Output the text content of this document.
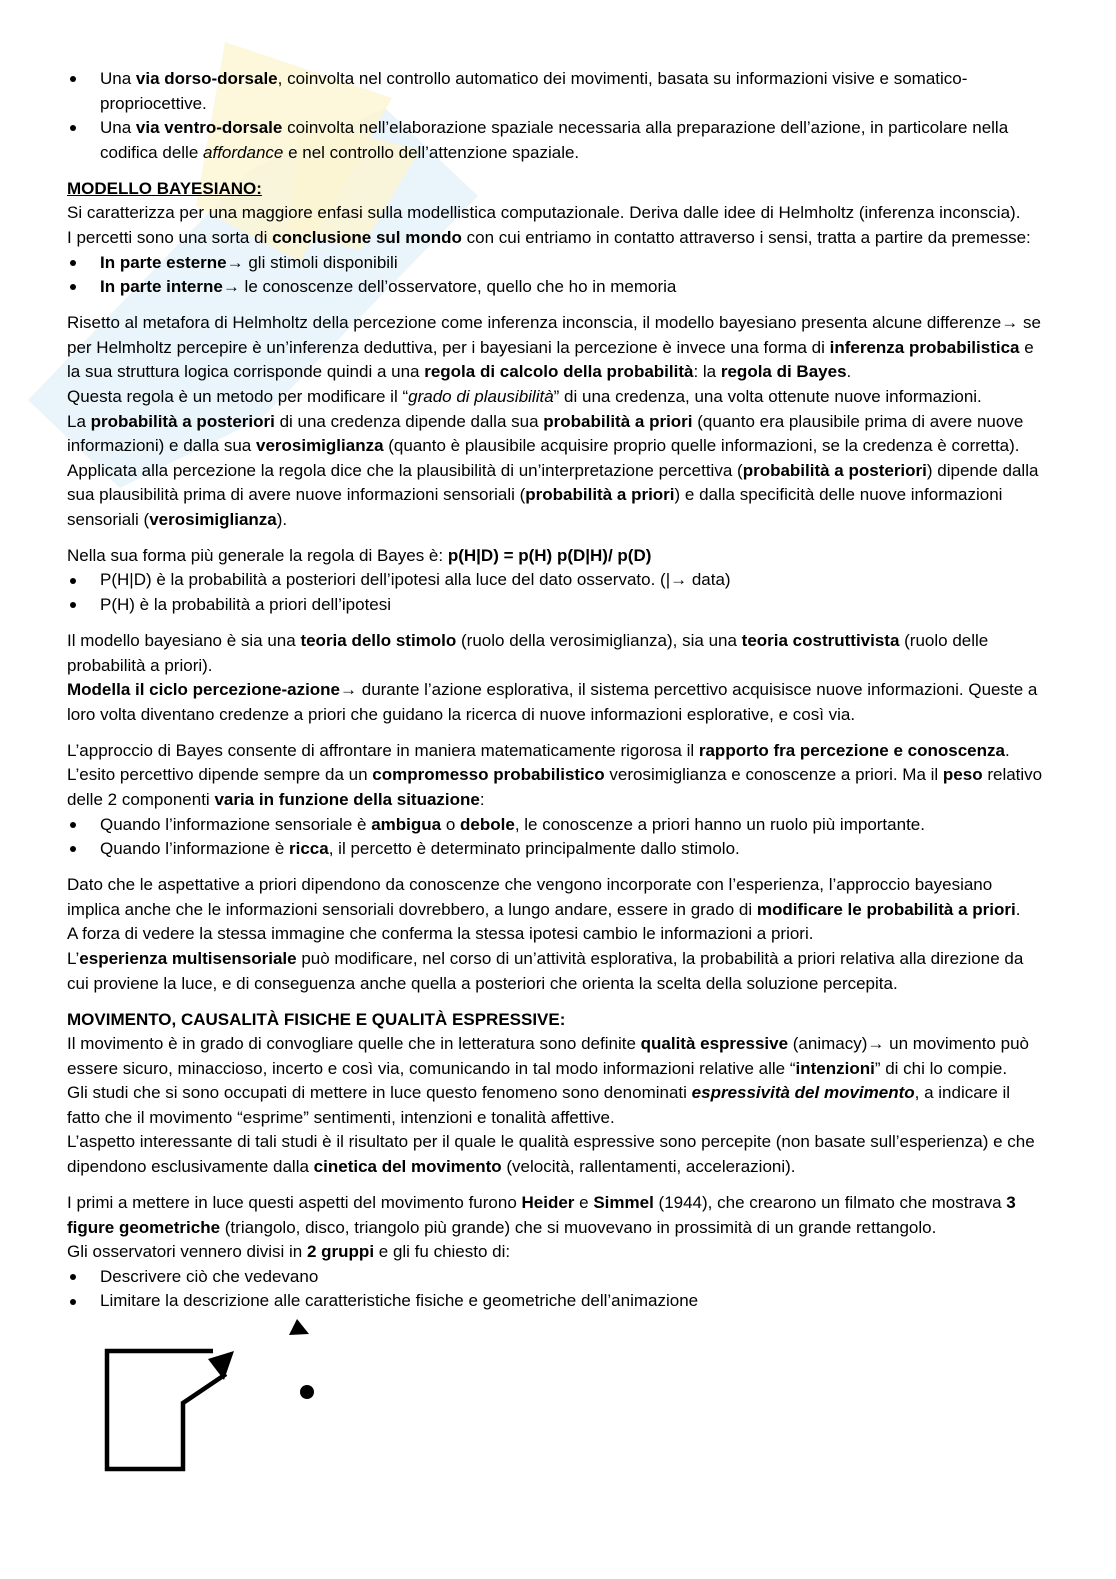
Una via dorso-dorsale, coinvolta nel controllo automatico dei movimenti, basata su informazioni visive e somatico-propriocettive.

Una via ventro-dorsale coinvolta nell’elaborazione spaziale necessaria alla preparazione dell’azione, in particolare nella codifica delle affordance e nel controllo dell’attenzione spaziale.

MODELLO BAYESIANO:

Si caratterizza per una maggiore enfasi sulla modellistica computazionale. Deriva dalle idee di Helmholtz (inferenza inconscia).

I percetti sono una sorta di conclusione sul mondo con cui entriamo in contatto attraverso i sensi, tratta a partire da premesse:

In parte esterne→ gli stimoli disponibili

In parte interne→ le conoscenze dell’osservatore, quello che ho in memoria

Risetto al metafora di Helmholtz della percezione come inferenza inconscia, il modello bayesiano presenta alcune differenze→ se per Helmholtz percepire è un’inferenza deduttiva, per i bayesiani la percezione è invece una forma di inferenza probabilistica e la sua struttura logica corrisponde quindi a una regola di calcolo della probabilità: la regola di Bayes.

Questa regola è un metodo per modificare il “grado di plausibilità” di una credenza, una volta ottenute nuove informazioni.

La probabilità a posteriori di una credenza dipende dalla sua probabilità a priori (quanto era plausibile prima di avere nuove informazioni) e dalla sua verosimiglianza (quanto è plausibile acquisire proprio quelle informazioni, se la credenza è corretta).

Applicata alla percezione la regola dice che la plausibilità di un’interpretazione percettiva (probabilità a posteriori) dipende dalla sua plausibilità prima di avere nuove informazioni sensoriali (probabilità a priori) e dalla specificità delle nuove informazioni sensoriali (verosimiglianza).

Nella sua forma più generale la regola di Bayes è: p(H|D) = p(H) p(D|H)/ p(D)

P(H|D) è la probabilità a posteriori dell’ipotesi alla luce del dato osservato. (|→ data)

P(H) è la probabilità a priori dell’ipotesi

Il modello bayesiano è sia una teoria dello stimolo (ruolo della verosimiglianza), sia una teoria costruttivista (ruolo delle probabilità a priori).

Modella il ciclo percezione-azione→ durante l’azione esplorativa, il sistema percettivo acquisisce nuove informazioni. Queste a loro volta diventano credenze a priori che guidano la ricerca di nuove informazioni esplorative, e così via.

L’approccio di Bayes consente di affrontare in maniera matematicamente rigorosa il rapporto fra percezione e conoscenza.

L’esito percettivo dipende sempre da un compromesso probabilistico verosimiglianza e conoscenze a priori. Ma il peso relativo delle 2 componenti varia in funzione della situazione:

Quando l’informazione sensoriale è ambigua o debole, le conoscenze a priori hanno un ruolo più importante.

Quando l’informazione è ricca, il percetto è determinato principalmente dallo stimolo.

Dato che le aspettative a priori dipendono da conoscenze che vengono incorporate con l’esperienza, l’approccio bayesiano implica anche che le informazioni sensoriali dovrebbero, a lungo andare, essere in grado di modificare le probabilità a priori.

A forza di vedere la stessa immagine che conferma la stessa ipotesi cambio le informazioni a priori.

L’esperienza multisensoriale può modificare, nel corso di un’attività esplorativa, la probabilità a priori relativa alla direzione da cui proviene la luce, e di conseguenza anche quella a posteriori che orienta la scelta della soluzione percepita.

MOVIMENTO, CAUSALITÀ FISICHE E QUALITÀ ESPRESSIVE:

Il movimento è in grado di convogliare quelle che in letteratura sono definite qualità espressive (animacy)→ un movimento può essere sicuro, minaccioso, incerto e così via, comunicando in tal modo informazioni relative alle “intenzioni” di chi lo compie.

Gli studi che si sono occupati di mettere in luce questo fenomeno sono denominati espressività del movimento, a indicare il fatto che il movimento “esprime” sentimenti, intenzioni e tonalità affettive.

L’aspetto interessante di tali studi è il risultato per il quale le qualità espressive sono percepite (non basate sull’esperienza) e che dipendono esclusivamente dalla cinetica del movimento (velocità, rallentamenti, accelerazioni).

I primi a mettere in luce questi aspetti del movimento furono Heider e Simmel (1944), che crearono un filmato che mostrava 3 figure geometriche (triangolo, disco, triangolo più grande) che si muovevano in prossimità di un grande rettangolo.

Gli osservatori vennero divisi in 2 gruppi e gli fu chiesto di:

Descrivere ciò che vedevano

Limitare la descrizione alle caratteristiche fisiche e geometriche dell’animazione
